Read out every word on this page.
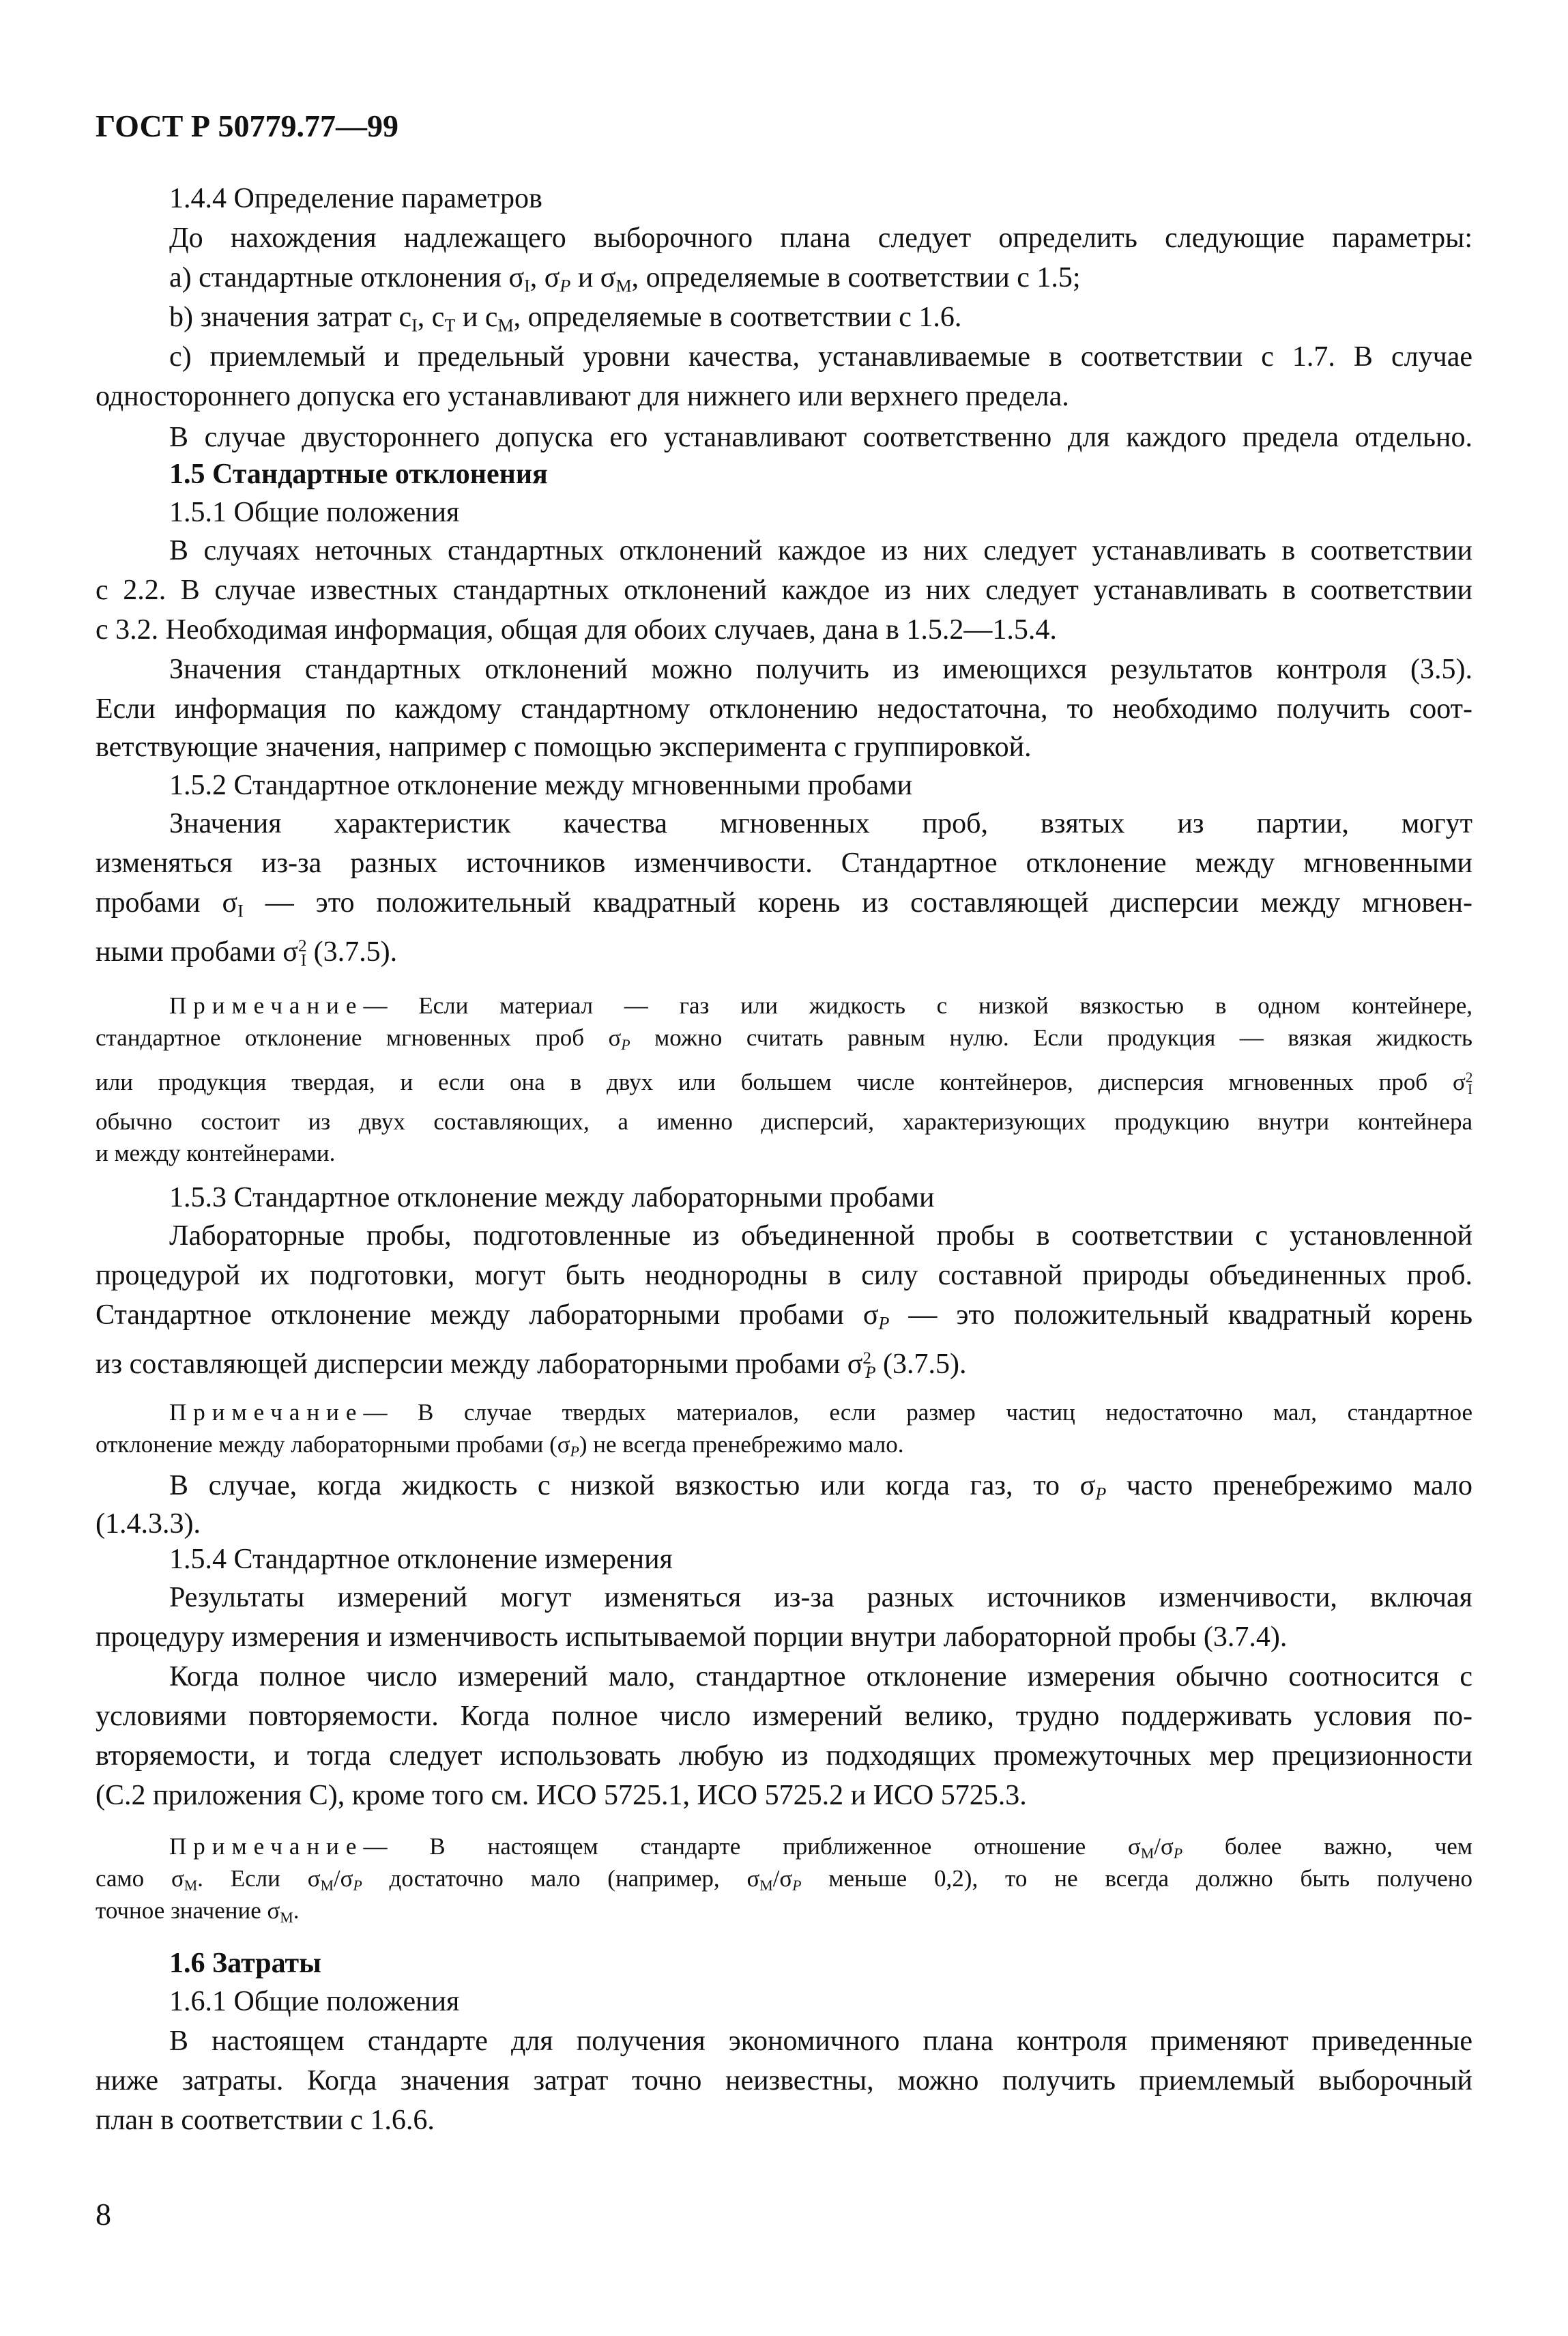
ГОСТ Р 50779.77—99
1.4.4 Определение параметров
До нахождения надлежащего выборочного плана следует определить следующие параметры:
а) стандартные отклонения $\sigma_I$, $\sigma_P$ и $\sigma_M$, определяемые в соответствии с 1.5;
b) значения затрат $с_I$, $с_T$ и $с_M$, определяемые в соответствии с 1.6.
с) приемлемый и предельный уровни качества, устанавливаемые в соответствии с 1.7. В случае
одностороннего допуска его устанавливают для нижнего или верхнего предела.
В случае двустороннего допуска его устанавливают соответственно для каждого предела отдельно.
1.5 Стандартные отклонения
1.5.1 Общие положения
В случаях неточных стандартных отклонений каждое из них следует устанавливать в соответствии
с 2.2. В случае известных стандартных отклонений каждое из них следует устанавливать в соответствии
с 3.2. Необходимая информация, общая для обоих случаев, дана в 1.5.2—1.5.4.
Значения стандартных отклонений можно получить из имеющихся результатов контроля (3.5).
Если информация по каждому стандартному отклонению недостаточна, то необходимо получить соот-
ветствующие значения, например с помощью эксперимента с группировкой.
1.5.2 Стандартное отклонение между мгновенными пробами
Значения характеристик качества мгновенных проб, взятых из партии, могут
изменяться из-за разных источников изменчивости. Стандартное отклонение между мгновенными
пробами $\sigma_I$ — это положительный квадратный корень из составляющей дисперсии между мгновен-
ными пробами $\sigma^2_I$ (3.7.5).
Примечание— Если материал — газ или жидкость с низкой вязкостью в одном контейнере,
стандартное отклонение мгновенных проб $\sigma_P$ можно считать равным нулю. Если продукция — вязкая жидкость
или продукция твердая, и если она в двух или большем числе контейнеров, дисперсия мгновенных проб $\sigma^2_I$
обычно состоит из двух составляющих, а именно дисперсий, характеризующих продукцию внутри контейнера
и между контейнерами.
1.5.3 Стандартное отклонение между лабораторными пробами
Лабораторные пробы, подготовленные из объединенной пробы в соответствии с установленной
процедурой их подготовки, могут быть неоднородны в силу составной природы объединенных проб.
Стандартное отклонение между лабораторными пробами $\sigma_P$ — это положительный квадратный корень
из составляющей дисперсии между лабораторными пробами $\sigma^2_P$ (3.7.5).
Примечание— В случае твердых материалов, если размер частиц недостаточно мал, стандартное
отклонение между лабораторными пробами $(\sigma_P)$ не всегда пренебрежимо мало.
В случае, когда жидкость с низкой вязкостью или когда газ, то $\sigma_P$ часто пренебрежимо мало
(1.4.3.3).
1.5.4 Стандартное отклонение измерения
Результаты измерений могут изменяться из-за разных источников изменчивости, включая
процедуру измерения и изменчивость испытываемой порции внутри лабораторной пробы (3.7.4).
Когда полное число измерений мало, стандартное отклонение измерения обычно соотносится с
условиями повторяемости. Когда полное число измерений велико, трудно поддерживать условия по-
вторяемости, и тогда следует использовать любую из подходящих промежуточных мер прецизионности
(С.2 приложения С), кроме того см. ИСО 5725.1, ИСО 5725.2 и ИСО 5725.3.
Примечание— В настоящем стандарте приближенное отношение $\sigma_M/\sigma_P$ более важно, чем
само $\sigma_M$. Если $\sigma_M/\sigma_P$ достаточно мало (например, $\sigma_M/\sigma_P$ меньше 0,2), то не всегда должно быть получено
точное значение $\sigma_M$.
1.6 Затраты
1.6.1 Общие положения
В настоящем стандарте для получения экономичного плана контроля применяют приведенные
ниже затраты. Когда значения затрат точно неизвестны, можно получить приемлемый выборочный
план в соответствии с 1.6.6.
8
